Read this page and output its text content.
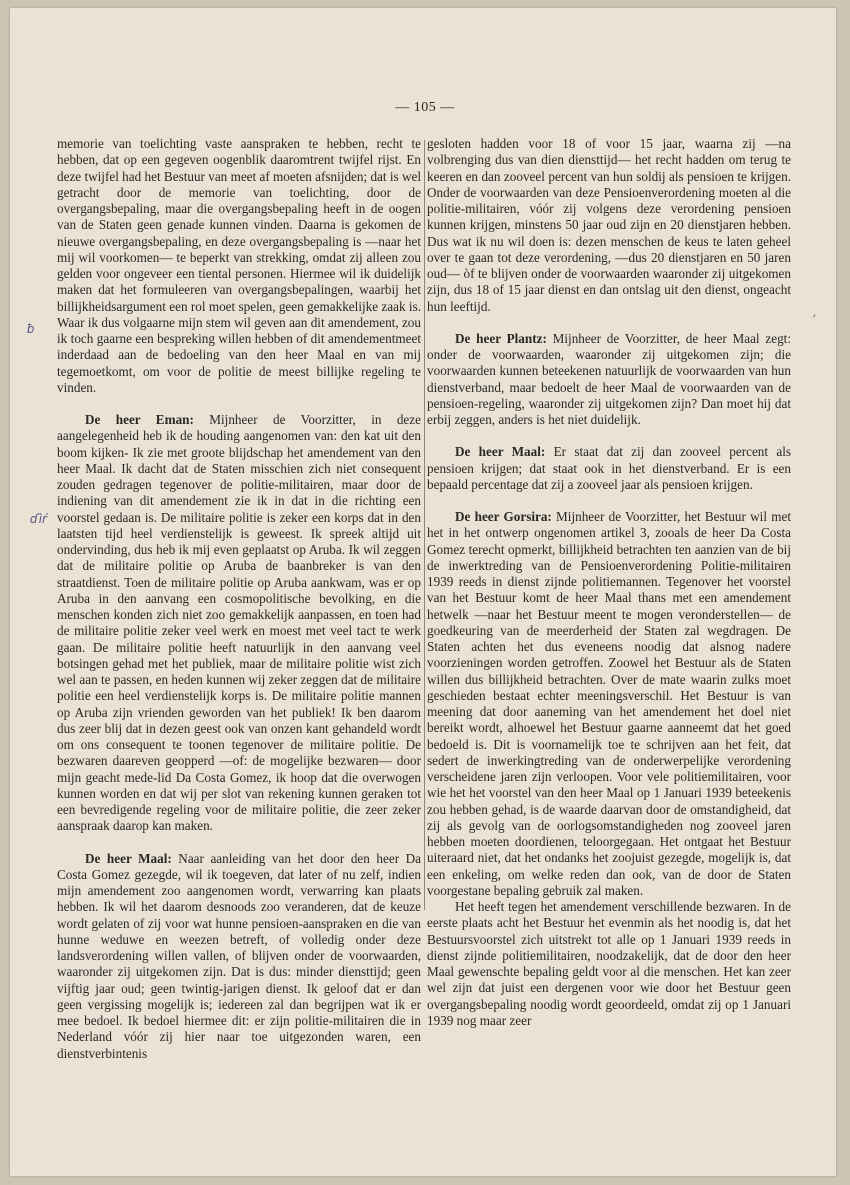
— 105 —
ƀ
ɗìŕ
,

memorie van toelichting vaste aanspraken te hebben, recht te hebben, dat op een gegeven oogenblik daaromtrent twijfel rijst. En deze twijfel had het Bestuur van meet af moeten afsnijden; dat is wel getracht door de memorie van toelichting, door de overgangsbepaling, maar die overgangsbepaling heeft in de oogen van de Staten geen genade kunnen vinden. Daarna is gekomen de nieuwe overgangsbepaling, en deze overgangsbepaling is —naar het mij wil voorkomen— te beperkt van strekking, omdat zij alleen zou gelden voor ongeveer een tiental personen. Hiermee wil ik duidelijk maken dat het formuleeren van overgangsbepalingen, waarbij het billijkheidsargument een rol moet spelen, geen gemakkelijke zaak is. Waar ik dus volgaarne mijn stem wil geven aan dit amendement, zou ik toch gaarne een bespreking willen hebben of dit amendementmeet inderdaad aan de bedoeling van den heer Maal en van mij tegemoetkomt, om voor de politie de meest billijke regeling te vinden.

De heer Eman: Mijnheer de Voorzitter, in deze aangelegenheid heb ik de houding aangenomen van: den kat uit den boom kijken- Ik zie met groote blijdschap het amendement van den heer Maal. Ik dacht dat de Staten misschien zich niet consequent zouden gedragen tegenover de politie-militairen, maar door de indiening van dit amendement zie ik in dat in die richting een voorstel gedaan is. De militaire politie is zeker een korps dat in den laatsten tijd heel verdienstelijk is geweest. Ik spreek altijd uit ondervinding, dus heb ik mij even geplaatst op Aruba. Ik wil zeggen dat de militaire politie op Aruba de baanbreker is van den straatdienst. Toen de militaire politie op Aruba aankwam, was er op Aruba in den aanvang een cosmopolitische bevolking, en die menschen konden zich niet zoo gemakkelijk aanpassen, en toen had de militaire politie zeker veel werk en moest met veel tact te werk gaan. De militaire politie heeft natuurlijk in den aanvang veel botsingen gehad met het publiek, maar de militaire politie wist zich wel aan te passen, en heden kunnen wij zeker zeggen dat de militaire politie een heel verdienstelijk korps is. De militaire politie mannen op Aruba zijn vrienden geworden van het publiek! Ik ben daarom dus zeer blij dat in dezen geest ook van onzen kant gehandeld wordt om ons consequent te toonen tegenover de militaire politie. De bezwaren daareven geopperd —of: de mogelijke bezwaren— door mijn geacht mede-lid Da Costa Gomez, ik hoop dat die overwogen kunnen worden en dat wij per slot van rekening kunnen geraken tot een bevredigende regeling voor de militaire politie, die zeer zeker aanspraak daarop kan maken.

De heer Maal: Naar aanleiding van het door den heer Da Costa Gomez gezegde, wil ik toegeven, dat later of nu zelf, indien mijn amendement zoo aangenomen wordt, verwarring kan plaats hebben. Ik wil het daarom desnoods zoo veranderen, dat de keuze wordt gelaten of zij voor wat hunne pensioen-aanspraken en die van hunne weduwe en weezen betreft, of volledig onder deze landsverordening willen vallen, of blijven onder de voorwaarden, waaronder zij uitgekomen zijn. Dat is dus: minder diensttijd; geen vijftig jaar oud; geen twintig-jarigen dienst. Ik geloof dat er dan geen vergissing mogelijk is; iedereen zal dan begrijpen wat ik er mee bedoel. Ik bedoel hiermee dit: er zijn politie-militairen die in Nederland vóór zij hier naar toe uitgezonden waren, een dienstverbintenis

gesloten hadden voor 18 of voor 15 jaar, waarna zij —na volbrenging dus van dien diensttijd— het recht hadden om terug te keeren en dan zooveel percent van hun soldij als pensioen te krijgen. Onder de voorwaarden van deze Pensioenverordening moeten al die politie-militairen, vóór zij volgens deze verordening pensioen kunnen krijgen, minstens 50 jaar oud zijn en 20 dienstjaren hebben. Dus wat ik nu wil doen is: dezen menschen de keus te laten geheel over te gaan tot deze verordening, —dus 20 dienstjaren en 50 jaren oud— òf te blijven onder de voorwaarden waaronder zij uitgekomen zijn, dus 18 of 15 jaar dienst en dan ontslag uit den dienst, ongeacht hun leeftijd.

De heer Plantz: Mijnheer de Voorzitter, de heer Maal zegt: onder de voorwaarden, waaronder zij uitgekomen zijn; die voorwaarden kunnen beteekenen natuurlijk de voorwaarden van hun dienstverband, maar bedoelt de heer Maal de voorwaarden van de pensioen-regeling, waaronder zij uitgekomen zijn? Dan moet hij dat erbij zeggen, anders is het niet duidelijk.

De heer Maal: Er staat dat zij dan zooveel percent als pensioen krijgen; dat staat ook in het dienstverband. Er is een bepaald percentage dat zij a zooveel jaar als pensioen krijgen.

De heer Gorsira: Mijnheer de Voorzitter, het Bestuur wil met het in het ontwerp ongenomen artikel 3, zooals de heer Da Costa Gomez terecht opmerkt, billijkheid betrachten ten aanzien van de bij de inwerktreding van de Pensioenverordening Politie-militairen 1939 reeds in dienst zijnde politiemannen. Tegenover het voorstel van het Bestuur komt de heer Maal thans met een amendement hetwelk —naar het Bestuur meent te mogen veronderstellen— de goedkeuring van de meerderheid der Staten zal wegdragen. De Staten achten het dus eveneens noodig dat alsnog nadere voorzieningen worden getroffen. Zoowel het Bestuur als de Staten willen dus billijkheid betrachten. Over de mate waarin zulks moet geschieden bestaat echter meeningsverschil. Het Bestuur is van meening dat door aaneming van het amendement het doel niet bereikt wordt, alhoewel het Bestuur gaarne aanneemt dat het goed bedoeld is. Dit is voornamelijk toe te schrijven aan het feit, dat sedert de inwerkingtreding van de onderwerpelijke verordening verscheidene jaren zijn verloopen. Voor vele politiemilitairen, voor wie het het voorstel van den heer Maal op 1 Januari 1939 beteekenis zou hebben gehad, is de waarde daarvan door de omstandigheid, dat zij als gevolg van de oorlogsomstandigheden nog zooveel jaren hebben moeten doordienen, teloorgegaan. Het ontgaat het Bestuur uiteraard niet, dat het ondanks het zoojuist gezegde, mogelijk is, dat een enkeling, om welke reden dan ook, van de door de Staten voorgestane bepaling gebruik zal maken.

Het heeft tegen het amendement verschillende bezwaren. In de eerste plaats acht het Bestuur het evenmin als het noodig is, dat het Bestuursvoorstel zich uitstrekt tot alle op 1 Januari 1939 reeds in dienst zijnde politiemilitairen, noodzakelijk, dat de door den heer Maal gewenschte bepaling geldt voor al die menschen. Het kan zeer wel zijn dat juist een dergenen voor wie door het Bestuur geen overgangsbepaling noodig wordt geoordeeld, omdat zij op 1 Januari 1939 nog maar zeer
